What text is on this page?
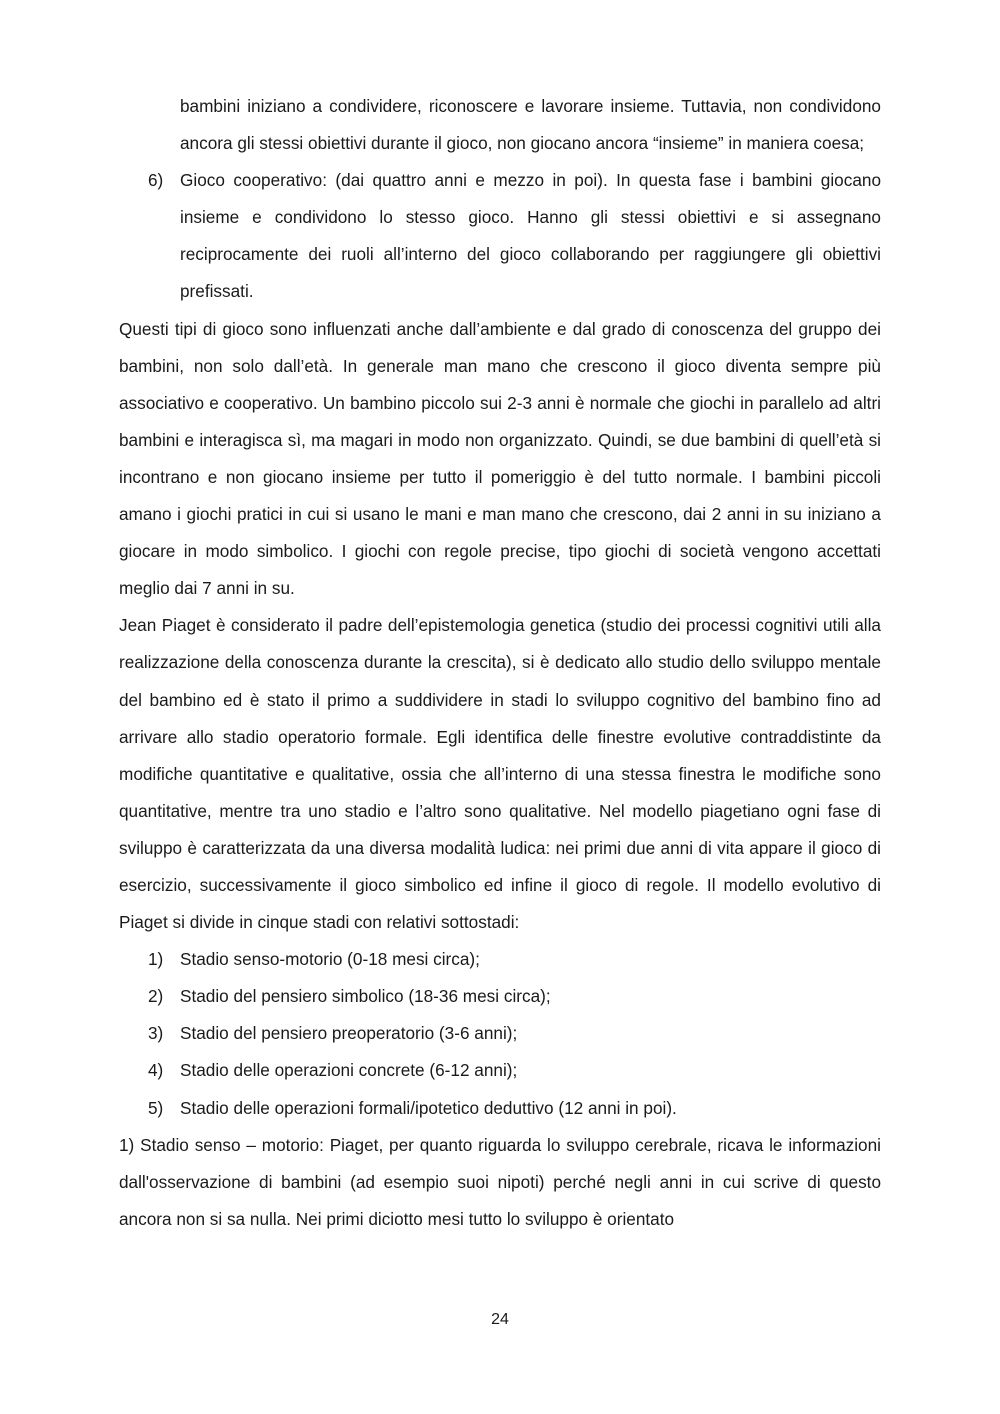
bambini iniziano a condividere, riconoscere e lavorare insieme. Tuttavia, non condividono ancora gli stessi obiettivi durante il gioco, non giocano ancora “insieme” in maniera coesa;
6) Gioco cooperativo: (dai quattro anni e mezzo in poi). In questa fase i bambini giocano insieme e condividono lo stesso gioco. Hanno gli stessi obiettivi e si assegnano reciprocamente dei ruoli all’interno del gioco collaborando per raggiungere gli obiettivi prefissati.

Questi tipi di gioco sono influenzati anche dall’ambiente e dal grado di conoscenza del gruppo dei bambini, non solo dall’età. In generale man mano che crescono il gioco diventa sempre più associativo e cooperativo. Un bambino piccolo sui 2-3 anni è normale che giochi in parallelo ad altri bambini e interagisca sì, ma magari in modo non organizzato. Quindi, se due bambini di quell’età si incontrano e non giocano insieme per tutto il pomeriggio è del tutto normale. I bambini piccoli amano i giochi pratici in cui si usano le mani e man mano che crescono, dai 2 anni in su iniziano a giocare in modo simbolico. I giochi con regole precise, tipo giochi di società vengono accettati meglio dai 7 anni in su.

Jean Piaget è considerato il padre dell’epistemologia genetica (studio dei processi cognitivi utili alla realizzazione della conoscenza durante la crescita), si è dedicato allo studio dello sviluppo mentale del bambino ed è stato il primo a suddividere in stadi lo sviluppo cognitivo del bambino fino ad arrivare allo stadio operatorio formale. Egli identifica delle finestre evolutive contraddistinte da modifiche quantitative e qualitative, ossia che all’interno di una stessa finestra le modifiche sono quantitative, mentre tra uno stadio e l’altro sono qualitative. Nel modello piagetiano ogni fase di sviluppo è caratterizzata da una diversa modalità ludica: nei primi due anni di vita appare il gioco di esercizio, successivamente il gioco simbolico ed infine il gioco di regole. Il modello evolutivo di Piaget si divide in cinque stadi con relativi sottostadi:

1) Stadio senso-motorio (0-18 mesi circa);
2) Stadio del pensiero simbolico (18-36 mesi circa);
3) Stadio del pensiero preoperatorio (3-6 anni);
4) Stadio delle operazioni concrete (6-12 anni);
5) Stadio delle operazioni formali/ipotetico deduttivo (12 anni in poi).

1) Stadio senso – motorio: Piaget, per quanto riguarda lo sviluppo cerebrale, ricava le informazioni dall'osservazione di bambini (ad esempio suoi nipoti) perché negli anni in cui scrive di questo ancora non si sa nulla. Nei primi diciotto mesi tutto lo sviluppo è orientato

24
